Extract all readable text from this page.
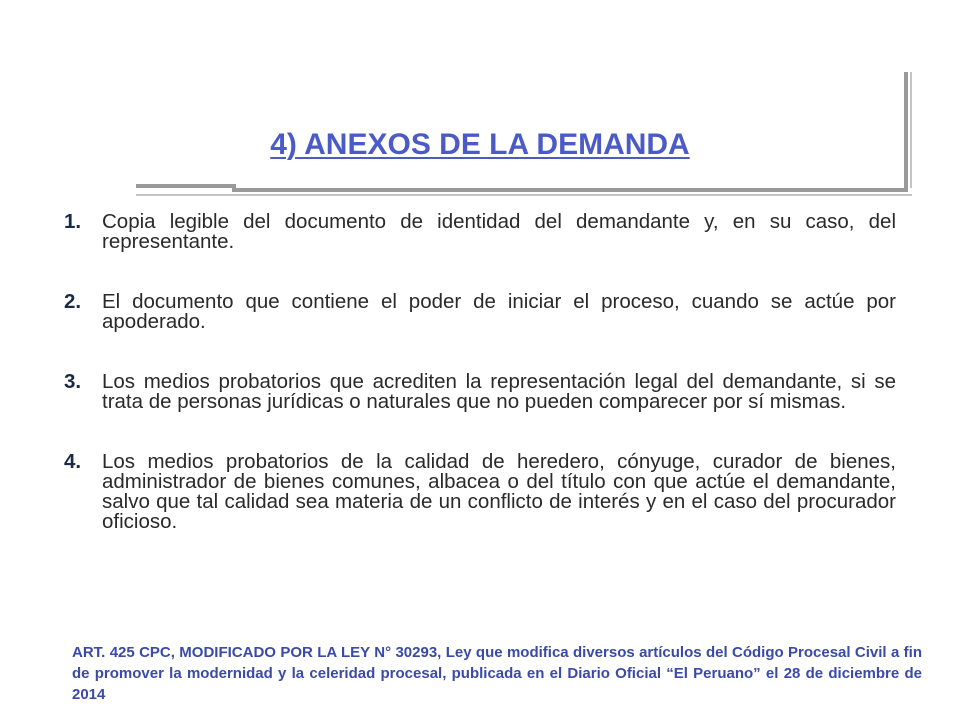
4) ANEXOS DE LA DEMANDA
1. Copia legible del documento de identidad del demandante y, en su caso, del representante.
2. El documento que contiene el poder de iniciar el proceso, cuando se actúe por apoderado.
3. Los medios probatorios que acrediten la representación legal del demandante, si se trata de personas jurídicas o naturales que no pueden comparecer por sí mismas.
4. Los medios probatorios de la calidad de heredero, cónyuge, curador de bienes, administrador de bienes comunes, albacea o del título con que actúe el demandante, salvo que tal calidad sea materia de un conflicto de interés y en el caso del procurador oficioso.
ART. 425 CPC, MODIFICADO POR LA LEY N° 30293, Ley que modifica diversos artículos del Código Procesal Civil a fin de promover la modernidad y la celeridad procesal, publicada en el Diario Oficial “El Peruano” el 28 de diciembre de 2014
